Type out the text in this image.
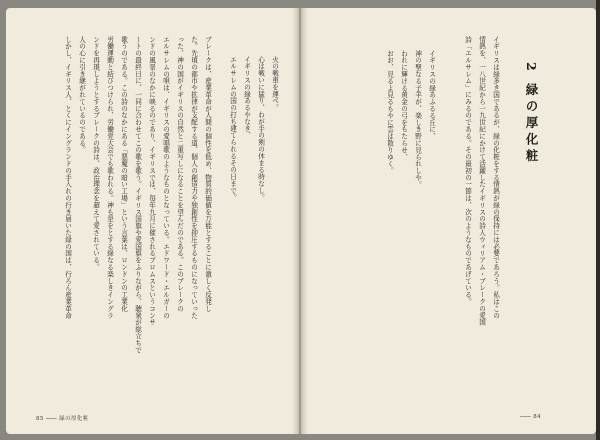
2 緑の厚化粧
イギリスは緑多き国であるが、緑の化粧をする情熱が緑の保持には必要であろう。私はこの
情熱を、一八世紀から一九世紀にかけて活躍したイギリスの詩人ウィリアム・ブレークの愛国
詩「エルサレム」にみるのである。その最初の一節は、次のようなものであげている。
イギリスの緑あふるる丘に、
神の聖なる子羊が、楽しき野に見られしや。
われに輝ける黄金の弓をもたらせ、
おお、見るよ見るもやに雲は散りゆく。
─── 84
火の戦車を運べ。
心は戦いに猛り、わが手の剣の休まる時なし。
イギリスの緑あるやなき、
エルサレムの国の打ち建てられるその日まで。
ブレークは、産業革命が人間の個性を低め、物質的価値を万能とすることに激しく反発し
た。先頃の都市や拡律が支配する道、個人の創造力や独創性を抑圧するものになっていった
った、神の国がイギリスの自然と二重写しになることを望んだのである。このブレークの
エルサレムの唄は、イギリスの愛唱歌のようなものとなっている。エドワード・エルガーの
ンドの風景のなかに映るのであり、イギリスでは、毎年九月に催されるプロムスというコンサ
ートの最終日に、一同に合わせてこの歌を歌う。イギリス国旗や愛国旗をふりながら、聴衆が総立ちで
歌うのである。この詩のなかにある「悪魔の暗い工場」という言葉は、ロンドンの工業化
労働運動と結びつけられ、労働党大会でも歌われる。神も是をとする緑なる楽しきイングラ
ンドを再現しようとするブレークの詩は、政治理念を超えて愛されている。
人の心に引き継がれているのである。
しかし、イギリス人、とくにイングランドの手入れの行き届いた緑の国は、行ろん産業革命
85 ─── 緑の厚化粧
